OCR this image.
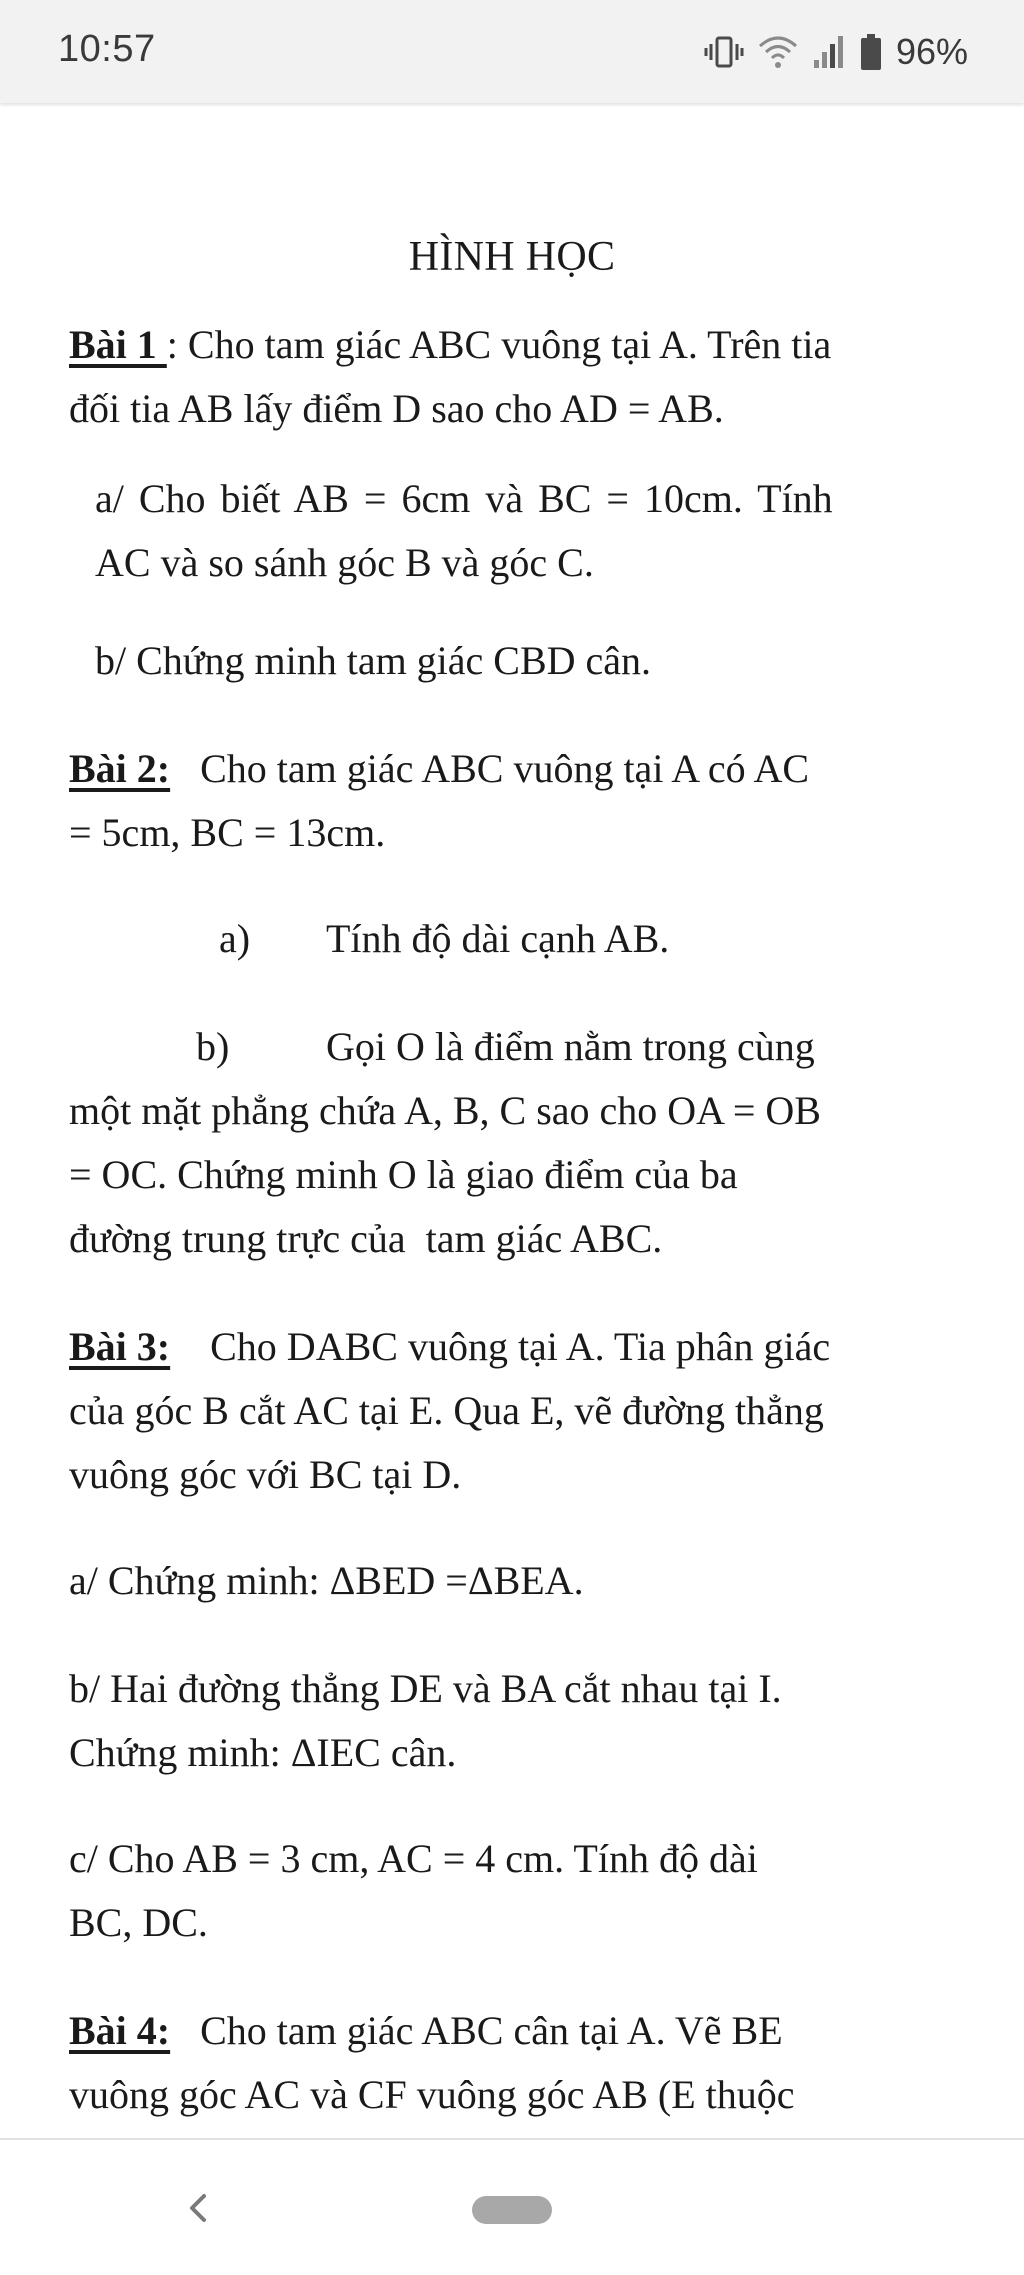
10:57	96%
HÌNH HỌC
Bài 1 : Cho tam giác ABC vuông tại A. Trên tia
đối tia AB lấy điểm D sao cho AD = AB.
a/ Cho biết AB = 6cm và BC = 10cm. Tính
AC và so sánh góc B và góc C.
b/ Chứng minh tam giác CBD cân.
Bài 2:   Cho tam giác ABC vuông tại A có AC
= 5cm, BC = 13cm.
a) Tính độ dài cạnh AB.
b) Gọi O là điểm nằm trong cùng
một mặt phẳng chứa A, B, C sao cho OA = OB
= OC. Chứng minh O là giao điểm của ba
đường trung trực của  tam giác ABC.
Bài 3:    Cho DABC vuông tại A. Tia phân giác
của góc B cắt AC tại E. Qua E, vẽ đường thẳng
vuông góc với BC tại D.
a/ Chứng minh: ΔBED =ΔBEA.
b/ Hai đường thẳng DE và BA cắt nhau tại I.
Chứng minh: ΔIEC cân.
c/ Cho AB = 3 cm, AC = 4 cm. Tính độ dài
BC, DC.
Bài 4:   Cho tam giác ABC cân tại A. Vẽ BE
vuông góc AC và CF vuông góc AB (E thuộc
